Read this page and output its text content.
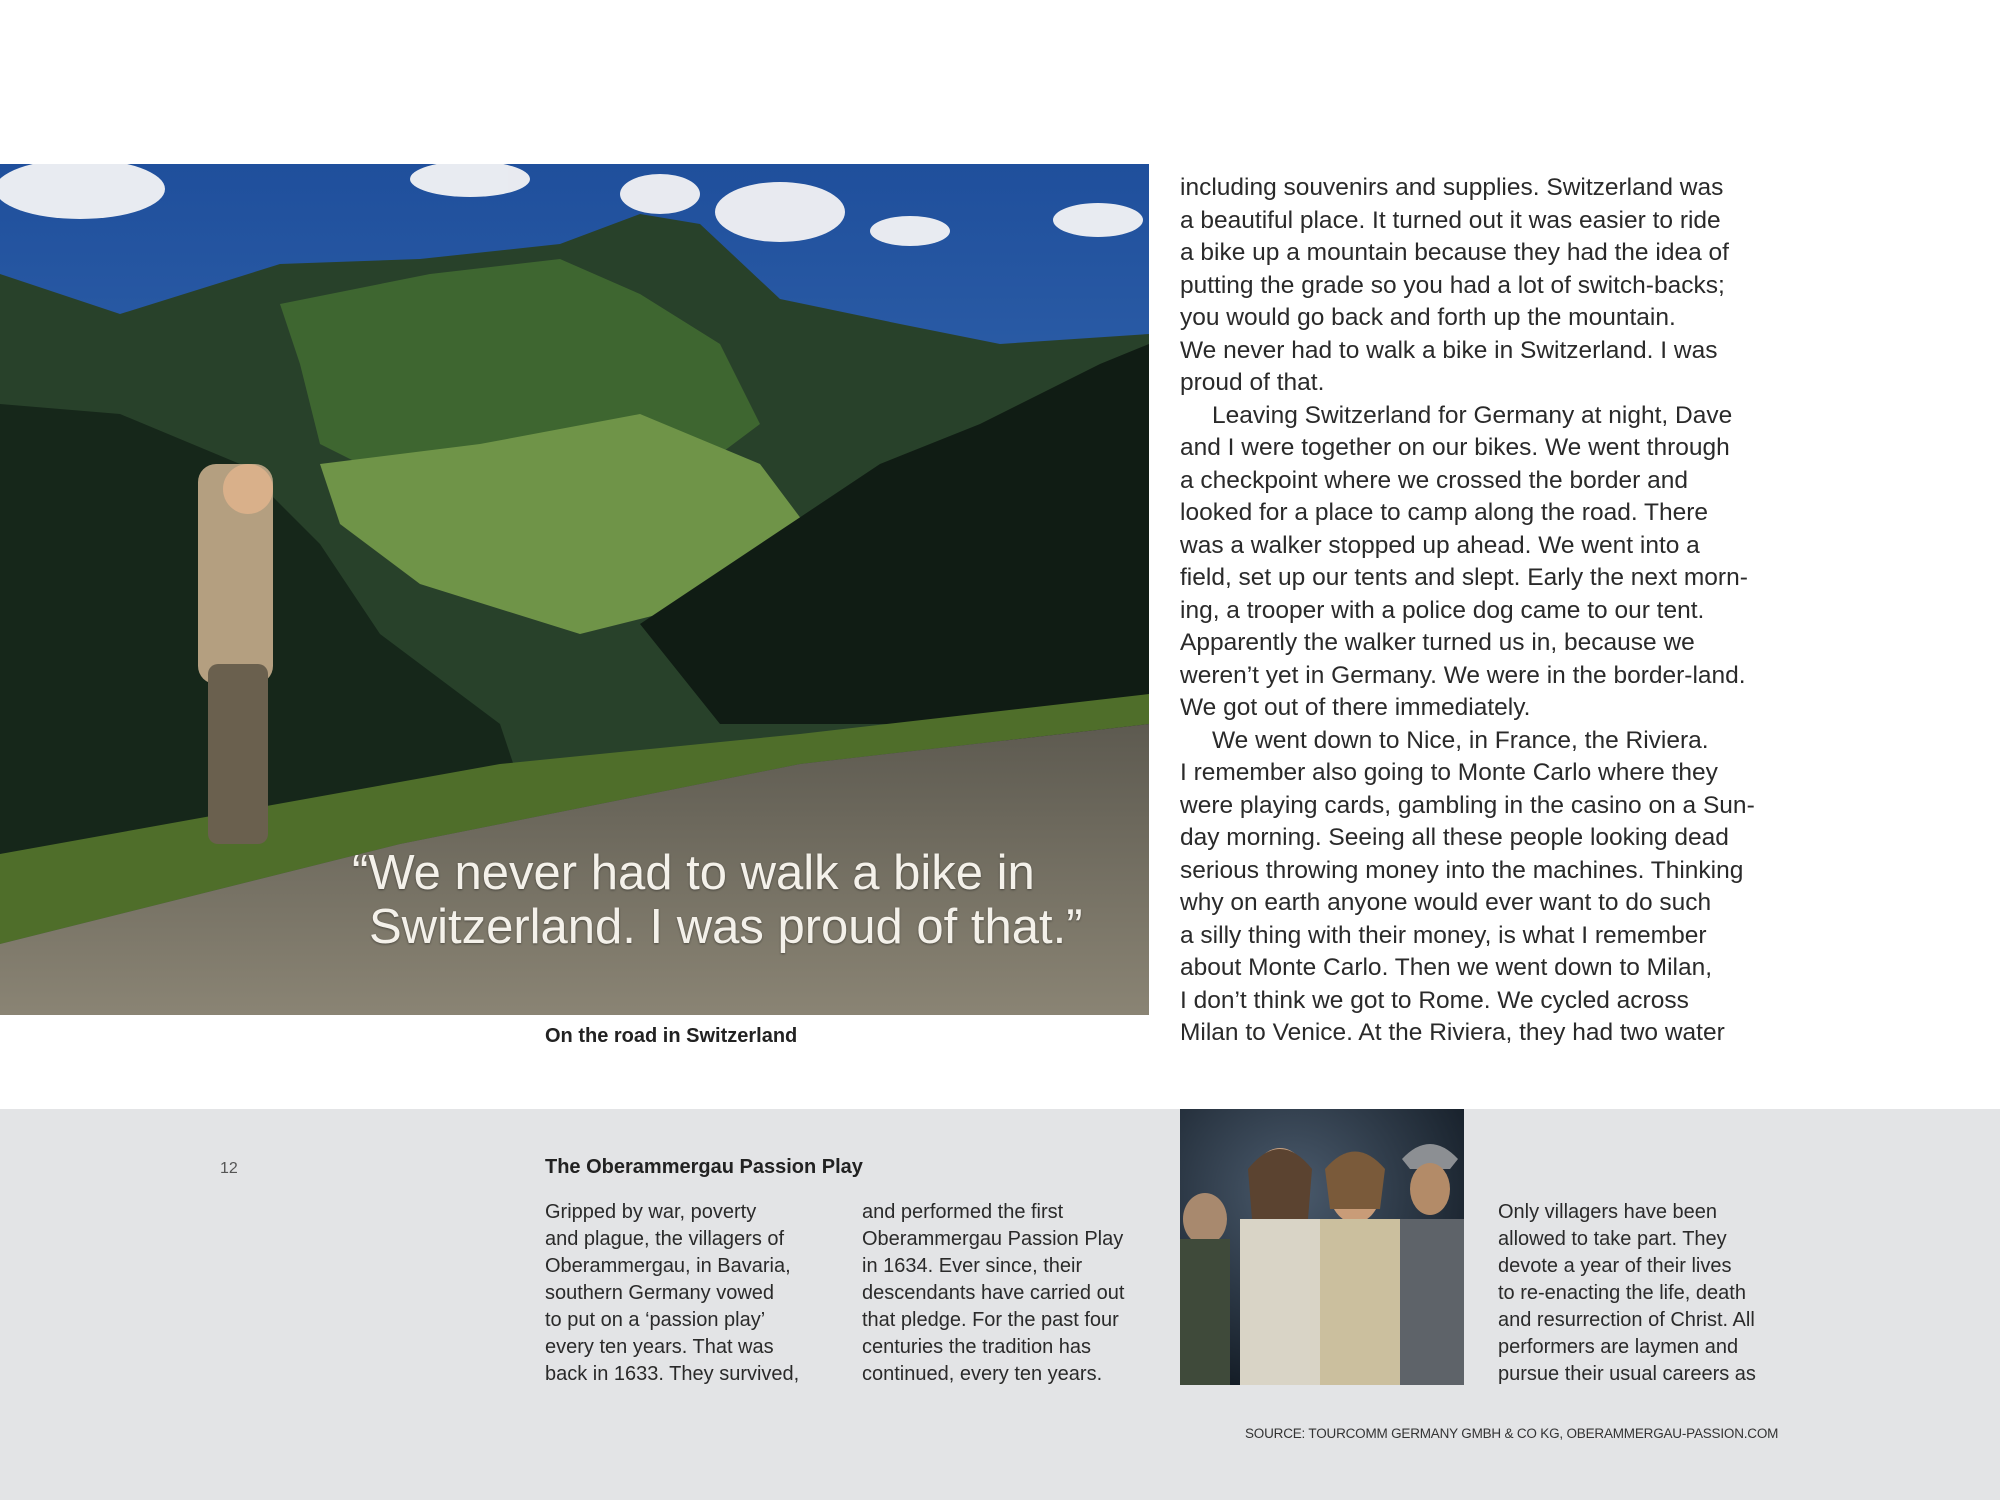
“We never had to walk a bike in
Switzerland. I was proud of that.”
On the road in Switzerland
including souvenirs and supplies. Switzerland was
a beautiful place. It turned out it was easier to ride
a bike up a mountain because they had the idea of
putting the grade so you had a lot of switch-backs;
you would go back and forth up the mountain.
We never had to walk a bike in Switzerland. I was
proud of that.
Leaving Switzerland for Germany at night, Dave
and I were together on our bikes. We went through
a checkpoint where we crossed the border and
looked for a place to camp along the road. There
was a walker stopped up ahead. We went into a
field, set up our tents and slept. Early the next morn-
ing, a trooper with a police dog came to our tent.
Apparently the walker turned us in, because we
weren’t yet in Germany. We were in the border-land.
We got out of there immediately.
We went down to Nice, in France, the Riviera.
I remember also going to Monte Carlo where they
were playing cards, gambling in the casino on a Sun-
day morning. Seeing all these people looking dead
serious throwing money into the machines. Thinking
why on earth anyone would ever want to do such
a silly thing with their money, is what I remember
about Monte Carlo. Then we went down to Milan,
I don’t think we got to Rome. We cycled across
Milan to Venice. At the Riviera, they had two water
12	The Oberammergau Passion Play
Gripped by war, poverty
and plague, the villagers of
Oberammergau, in Bavaria,
southern Germany vowed
to put on a ‘passion play’
every ten years. That was
back in 1633. They survived,
and performed the first
Oberammergau Passion Play
in 1634. Ever since, their
descendants have carried out
that pledge. For the past four
centuries the tradition has
continued, every ten years.
Only villagers have been
allowed to take part. They
devote a year of their lives
to re-enacting the life, death
and resurrection of Christ. All
performers are laymen and
pursue their usual careers as
SOURCE: TOURCOMM GERMANY GMBH & CO KG, OBERAMMERGAU-PASSION.COM
